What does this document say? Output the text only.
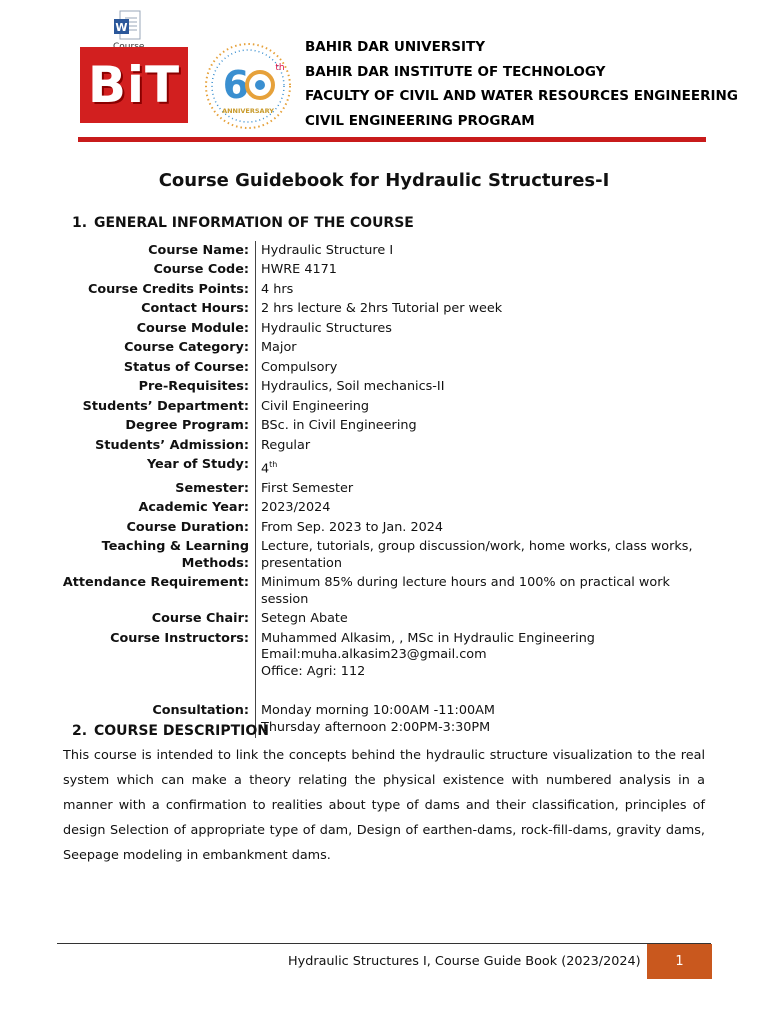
W
BiT 6	th
ANNIVERSARY
BAHIR DAR UNIVERSITY
BAHIR DAR INSTITUTE OF TECHNOLOGY
FACULTY OF CIVIL AND WATER RESOURCES ENGINEERING
CIVIL ENGINEERING PROGRAM
Course Guidebook for Hydraulic Structures-I
1. GENERAL INFORMATION OF THE COURSE
Course Name: Hydraulic Structure I
Course Code: HWRE 4171
Course Credits Points: 4 hrs
Contact Hours: 2 hrs lecture & 2hrs Tutorial per week
Course Module: Hydraulic Structures
Course Category: Major
Status of Course: Compulsory
Pre-Requisites: Hydraulics, Soil mechanics-II
Students’ Department: Civil Engineering
Degree Program: BSc. in Civil Engineering
Students’ Admission: Regular
Year of Study: 4th
Semester: First Semester
Academic Year: 2023/2024
Course Duration: From Sep. 2023 to Jan. 2024
Teaching & Learning Methods:
Lecture, tutorials, group discussion/work, home works, class works, presentation
Attendance Requirement: Minimum 85% during lecture hours and 100% on practical work session
Course Chair: Setegn Abate
Course Instructors: Muhammed Alkasim, , MSc in Hydraulic Engineering
Email:muha.alkasim23@gmail.com
Office: Agri: 112
Consultation: Monday morning 10:00AM -11:00AM
Thursday afternoon 2:00PM-3:30PM
2. COURSE DESCRIPTION
This course is intended to link the concepts behind the hydraulic structure visualization to the real system which can make a theory relating the physical existence with numbered analysis in a manner with a confirmation to realities about type of dams and their classification, principles of design Selection of appropriate type of dam, Design of earthen-dams, rock-fill-dams, gravity dams, Seepage modeling in embankment dams.
Hydraulic Structures I, Course Guide Book (2023/2024)	1
